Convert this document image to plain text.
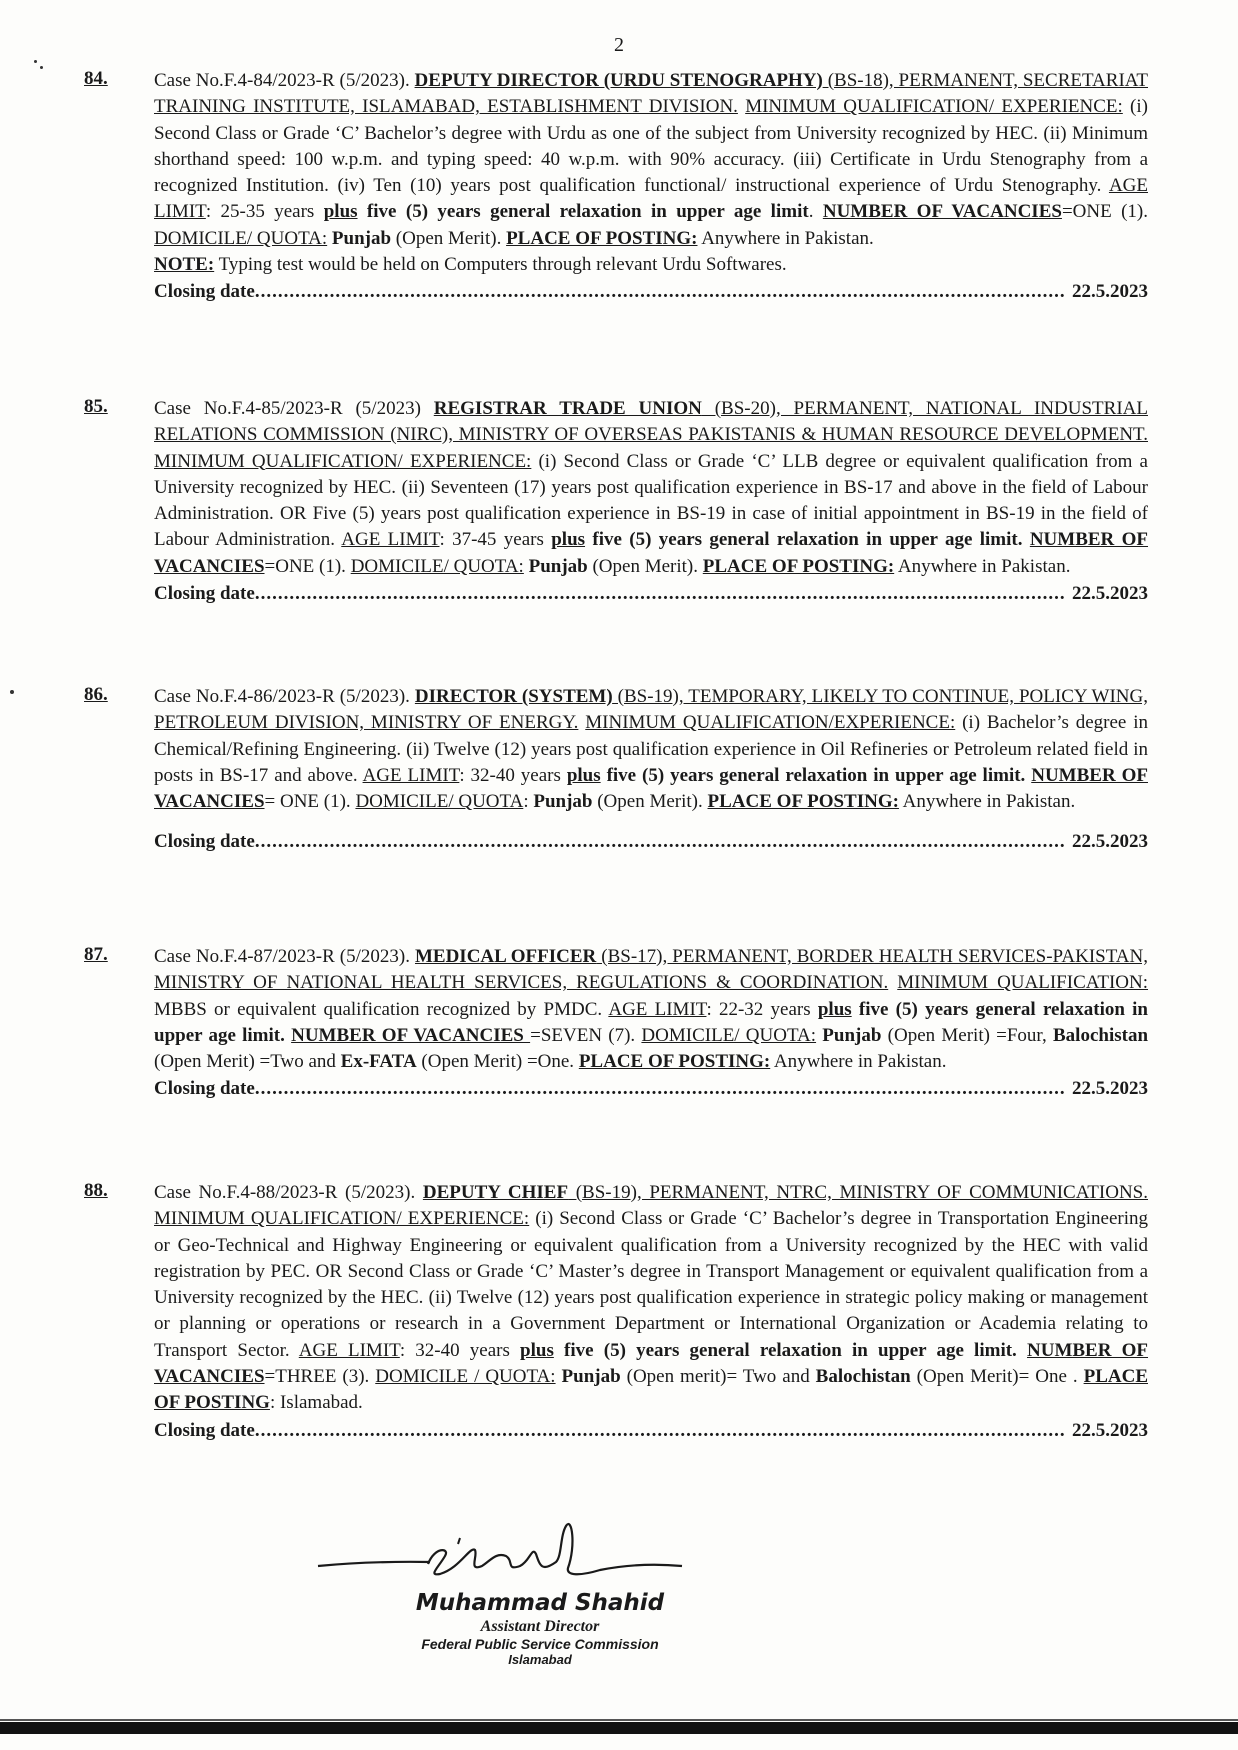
2
84. Case No.F.4-84/2023-R (5/2023). DEPUTY DIRECTOR (URDU STENOGRAPHY) (BS-18), PERMANENT, SECRETARIAT TRAINING INSTITUTE, ISLAMABAD, ESTABLISHMENT DIVISION. MINIMUM QUALIFICATION/ EXPERIENCE: (i) Second Class or Grade ‘C’ Bachelor’s degree with Urdu as one of the subject from University recognized by HEC. (ii) Minimum shorthand speed: 100 w.p.m. and typing speed: 40 w.p.m. with 90% accuracy. (iii) Certificate in Urdu Stenography from a recognized Institution. (iv) Ten (10) years post qualification functional/ instructional experience of Urdu Stenography. AGE LIMIT: 25-35 years plus five (5) years general relaxation in upper age limit. NUMBER OF VACANCIES=ONE (1). DOMICILE/ QUOTA: Punjab (Open Merit). PLACE OF POSTING: Anywhere in Pakistan.
NOTE: Typing test would be held on Computers through relevant Urdu Softwares.
Closing date .....	22.5.2023
85. Case No.F.4-85/2023-R (5/2023) REGISTRAR TRADE UNION (BS-20), PERMANENT, NATIONAL INDUSTRIAL RELATIONS COMMISSION (NIRC), MINISTRY OF OVERSEAS PAKISTANIS & HUMAN RESOURCE DEVELOPMENT. MINIMUM QUALIFICATION/ EXPERIENCE: (i) Second Class or Grade ‘C’ LLB degree or equivalent qualification from a University recognized by HEC. (ii) Seventeen (17) years post qualification experience in BS-17 and above in the field of Labour Administration. OR Five (5) years post qualification experience in BS-19 in case of initial appointment in BS-19 in the field of Labour Administration. AGE LIMIT: 37-45 years plus five (5) years general relaxation in upper age limit. NUMBER OF VACANCIES=ONE (1). DOMICILE/ QUOTA: Punjab (Open Merit). PLACE OF POSTING: Anywhere in Pakistan.
Closing date .....	22.5.2023
86. Case No.F.4-86/2023-R (5/2023). DIRECTOR (SYSTEM) (BS-19), TEMPORARY, LIKELY TO CONTINUE, POLICY WING, PETROLEUM DIVISION, MINISTRY OF ENERGY. MINIMUM QUALIFICATION/EXPERIENCE: (i) Bachelor’s degree in Chemical/Refining Engineering. (ii) Twelve (12) years post qualification experience in Oil Refineries or Petroleum related field in posts in BS-17 and above. AGE LIMIT: 32-40 years plus five (5) years general relaxation in upper age limit. NUMBER OF VACANCIES= ONE (1). DOMICILE/ QUOTA: Punjab (Open Merit). PLACE OF POSTING: Anywhere in Pakistan.
Closing date .....	22.5.2023
87. Case No.F.4-87/2023-R (5/2023). MEDICAL OFFICER (BS-17), PERMANENT, BORDER HEALTH SERVICES-PAKISTAN, MINISTRY OF NATIONAL HEALTH SERVICES, REGULATIONS & COORDINATION. MINIMUM QUALIFICATION: MBBS or equivalent qualification recognized by PMDC. AGE LIMIT: 22-32 years plus five (5) years general relaxation in upper age limit. NUMBER OF VACANCIES =SEVEN (7). DOMICILE/ QUOTA: Punjab (Open Merit) =Four, Balochistan (Open Merit) =Two and Ex-FATA (Open Merit) =One. PLACE OF POSTING: Anywhere in Pakistan.
Closing date .....	22.5.2023
88. Case No.F.4-88/2023-R (5/2023). DEPUTY CHIEF (BS-19), PERMANENT, NTRC, MINISTRY OF COMMUNICATIONS. MINIMUM QUALIFICATION/ EXPERIENCE: (i) Second Class or Grade ‘C’ Bachelor’s degree in Transportation Engineering or Geo-Technical and Highway Engineering or equivalent qualification from a University recognized by the HEC with valid registration by PEC. OR Second Class or Grade ‘C’ Master’s degree in Transport Management or equivalent qualification from a University recognized by the HEC. (ii) Twelve (12) years post qualification experience in strategic policy making or management or planning or operations or research in a Government Department or International Organization or Academia relating to Transport Sector. AGE LIMIT: 32-40 years plus five (5) years general relaxation in upper age limit. NUMBER OF VACANCIES=THREE (3). DOMICILE / QUOTA: Punjab (Open merit)= Two and Balochistan (Open Merit)= One . PLACE OF POSTING: Islamabad.
Closing date .....	22.5.2023
Muhammad Shahid
Assistant Director
Federal Public Service Commission
Islamabad
